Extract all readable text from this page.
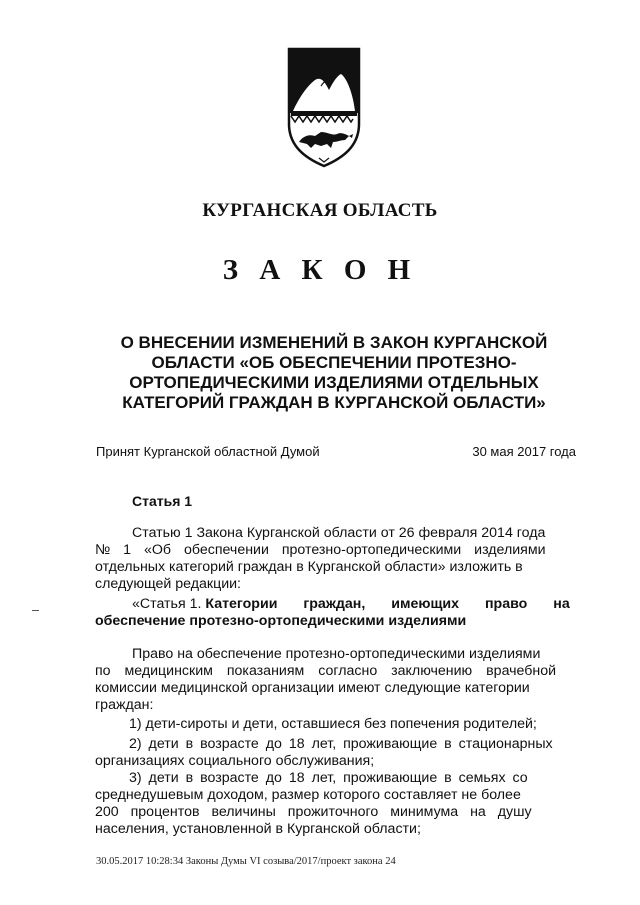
КУРГАНСКАЯ ОБЛАСТЬ
З А К О Н
О ВНЕСЕНИИ ИЗМЕНЕНИЙ В ЗАКОН КУРГАНСКОЙ
ОБЛАСТИ «ОБ ОБЕСПЕЧЕНИИ ПРОТЕЗНО-
ОРТОПЕДИЧЕСКИМИ ИЗДЕЛИЯМИ ОТДЕЛЬНЫХ
КАТЕГОРИЙ ГРАЖДАН В КУРГАНСКОЙ ОБЛАСТИ»
Принят Курганской областной Думой	30 мая 2017 года
Статья 1
Статью 1 Закона Курганской области от 26 февраля 2014 года
№ 1 «Об обеспечении протезно-ортопедическими изделиями
отдельных категорий граждан в Курганской области» изложить в
следующей редакции:
«Статья 1.
Категории граждан, имеющих право на
обеспечение протезно-ортопедическими изделиями
Право на обеспечение протезно-ортопедическими изделиями
по медицинским показаниям согласно заключению врачебной
комиссии медицинской организации имеют следующие категории
граждан:
1) дети-сироты и дети, оставшиеся без попечения родителей;
2) дети в возрасте до 18 лет, проживающие в стационарных
организациях социального обслуживания;
3) дети в возрасте до 18 лет, проживающие в семьях со
среднедушевым доходом, размер которого составляет не более
200 процентов величины прожиточного минимума на душу
населения, установленной в Курганской области;
30.05.2017 10:28:34 Законы Думы VI созыва/2017/проект закона 24
